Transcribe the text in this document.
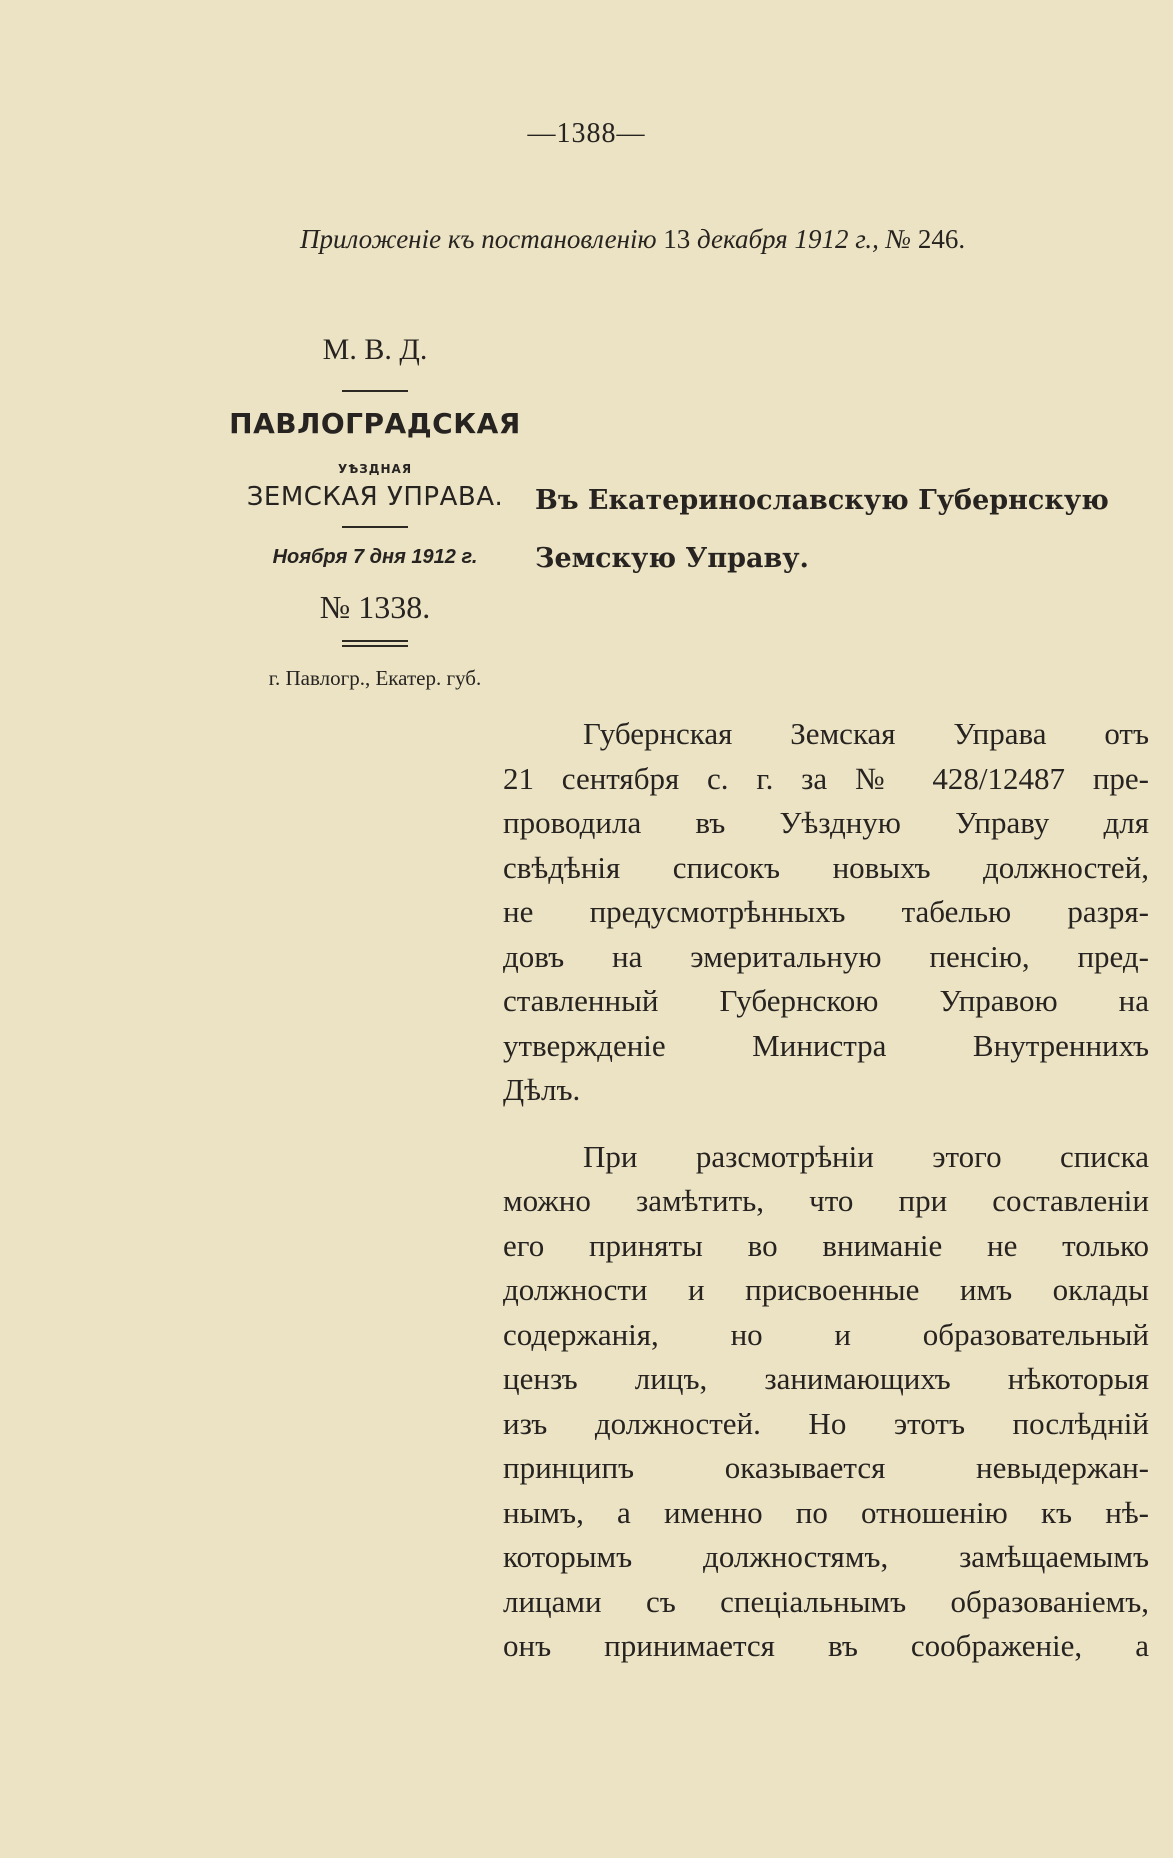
—1388—
Приложеніе къ постановленію 13 декабря 1912 г., № 246.
М. В. Д.
ПАВЛОГРАДСКАЯ
УѢЗДНАЯ
ЗЕМСКАЯ УПРАВА.
Ноября 7 дня 1912 г.
№ 1338.
г. Павлогр., Екатер. губ.
Въ Екатеринославскую Губернскую Земскую Управу.
Губернская Земская Управа отъ
21 сентября с. г. за № 428/12487 пре-
проводила въ Уѣздную Управу для
свѣдѣнія списокъ новыхъ должностей,
не предусмотрѣнныхъ табелью разря-
довъ на эмеритальную пенсію, пред-
ставленный Губернскою Управою на
утвержденіе Министра Внутреннихъ
Дѣлъ.
При разсмотрѣніи этого списка
можно замѣтить, что при составленіи
его приняты во вниманіе не только
должности и присвоенные имъ оклады
содержанія, но и образовательный
цензъ лицъ, занимающихъ нѣкоторыя
изъ должностей. Но этотъ послѣдній
принципъ оказывается невыдержан-
нымъ, а именно по отношенію къ нѣ-
которымъ должностямъ, замѣщаемымъ
лицами съ спеціальнымъ образованіемъ,
онъ принимается въ соображеніе, а
